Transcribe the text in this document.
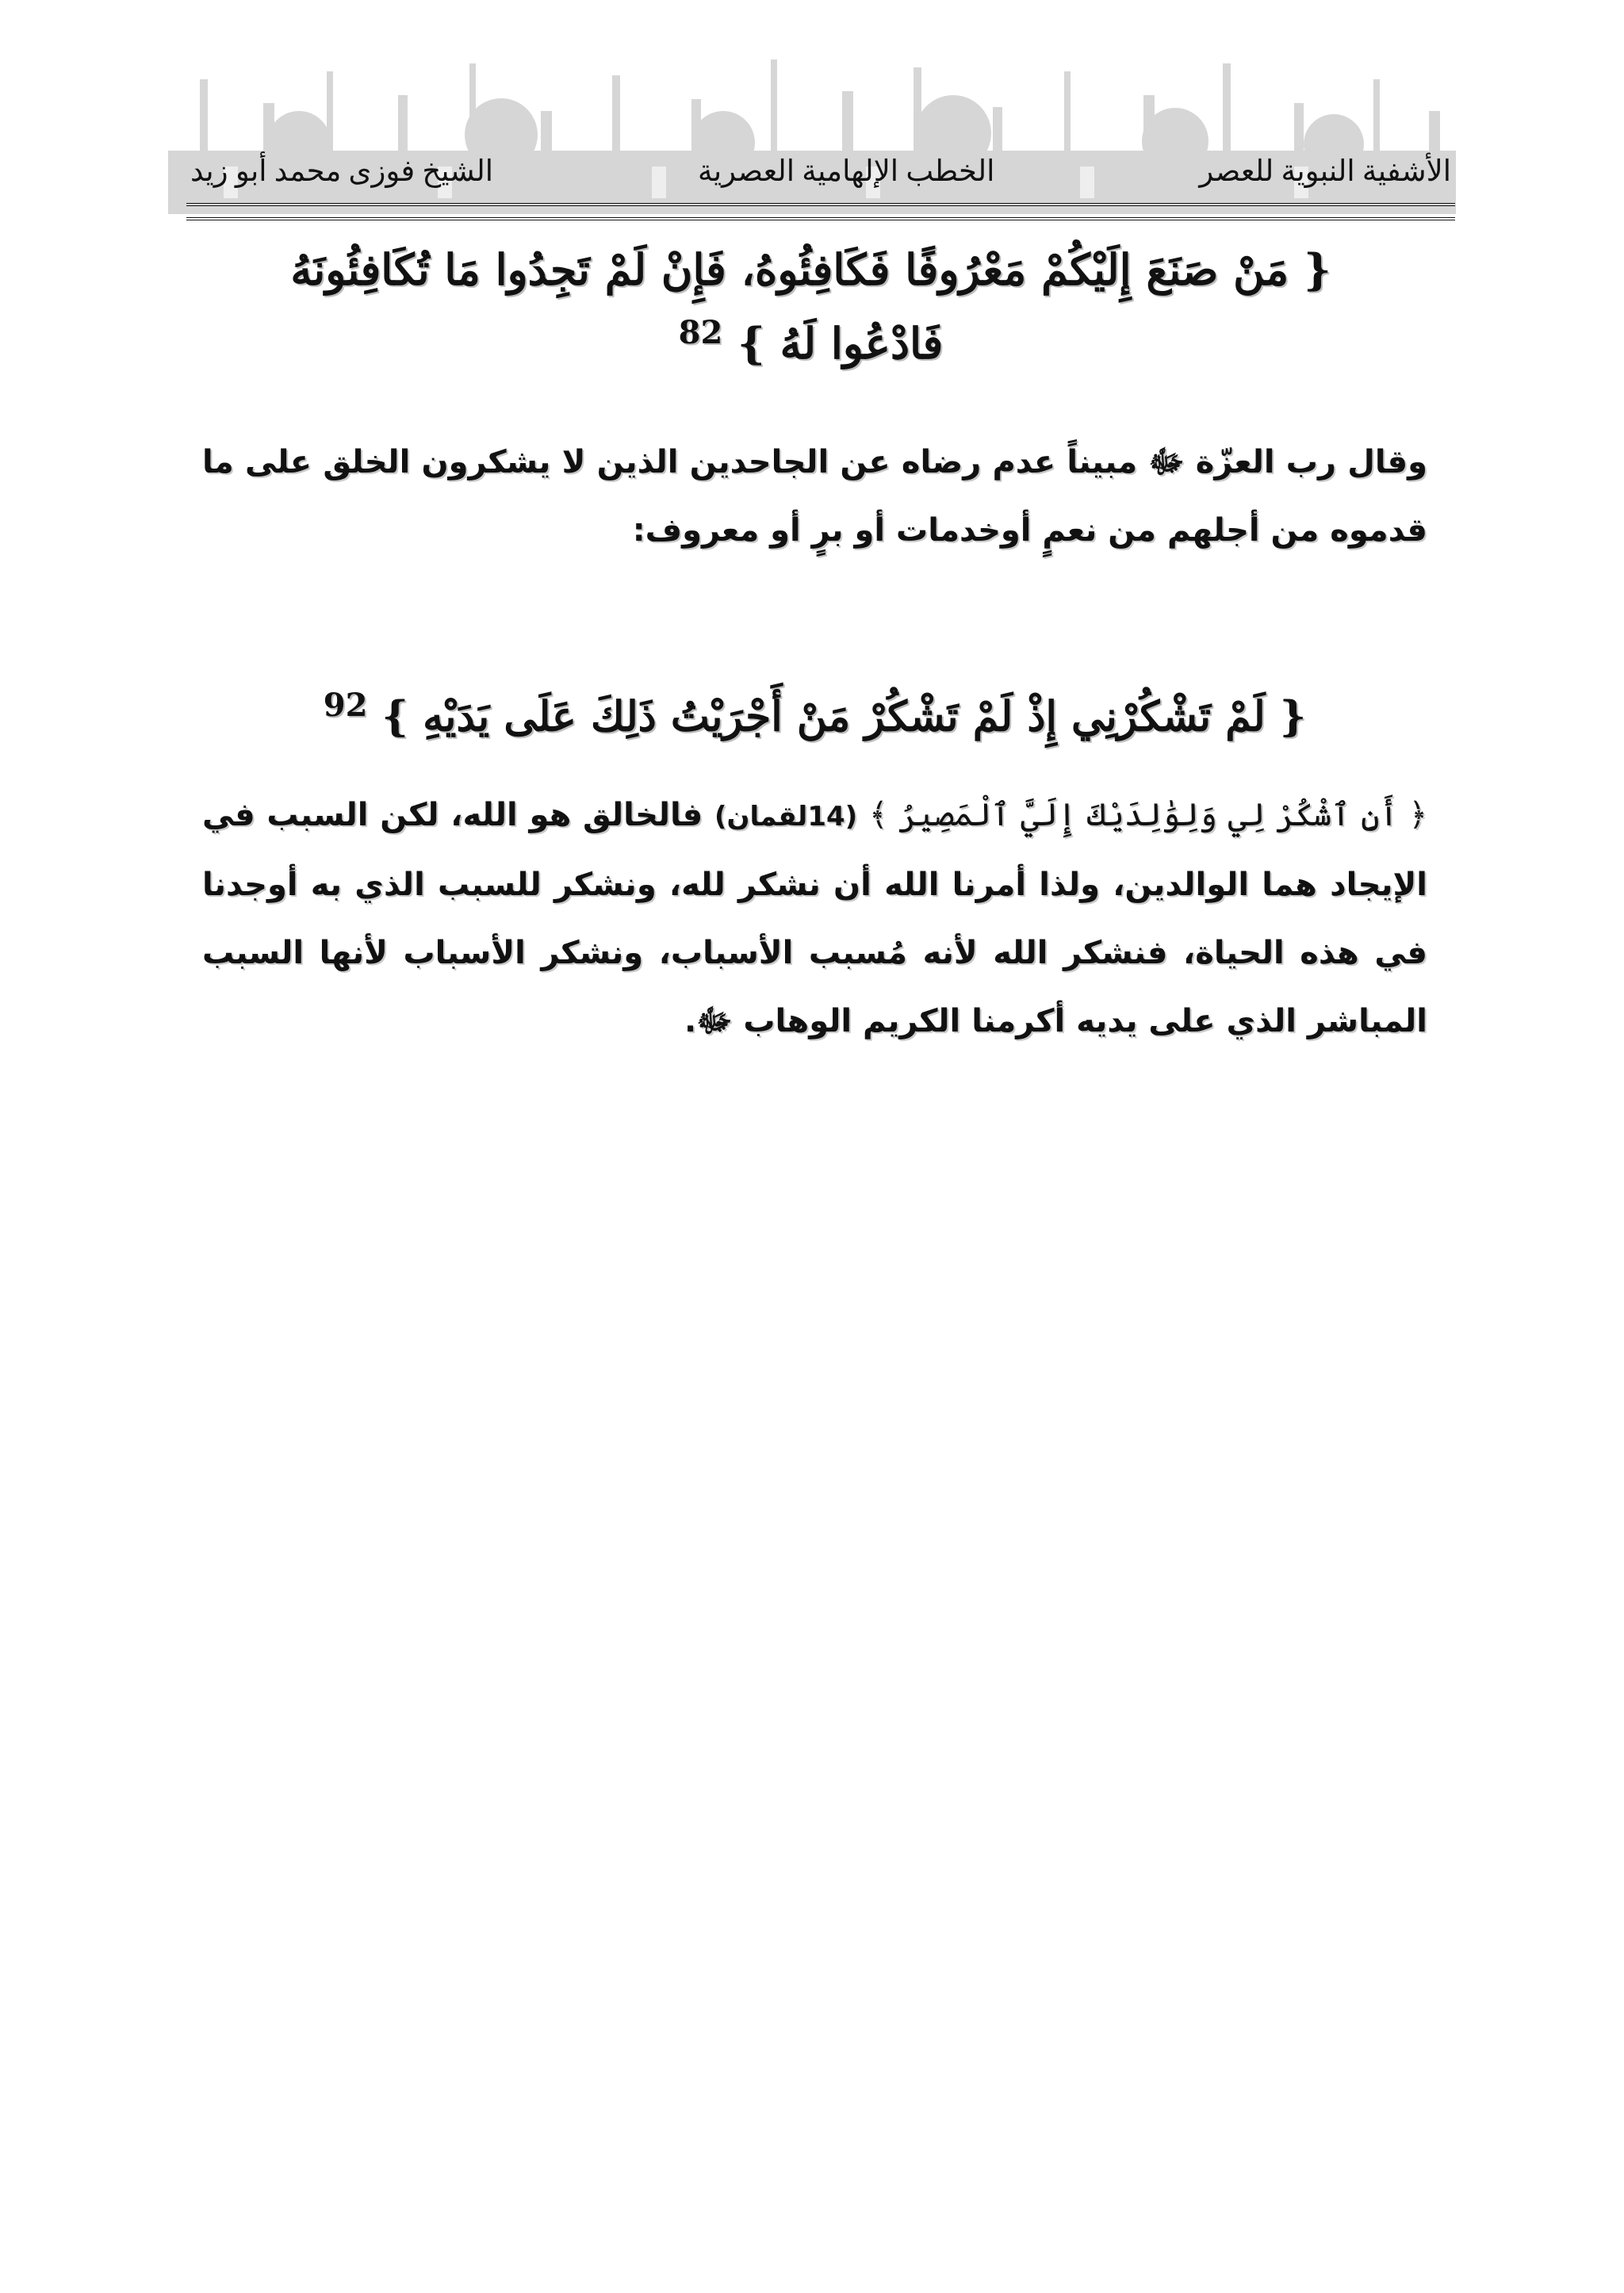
الأشفية النبوية للعصر
الخطب الإلهامية العصرية
الشيخ فوزى محمد أبو زيد
{ مَنْ صَنَعَ إِلَيْكُمْ مَعْرُوفًا فَكَافِئُوهُ، فَإِنْ لَمْ تَجِدُوا مَا تُكَافِئُونَهُ
فَادْعُوا لَهُ } $^{82}$
وقال رب العزّة ﷻ مبيناً عدم رضاه عن الجاحدين الذين لا يشكرون الخلق على ما قدموه من أجلهم من نعمٍ أوخدمات أو برٍ أو معروف:
{ لَمْ تَشْكُرْنِي إِذْ لَمْ تَشْكُرْ مَنْ أَجْرَيْتُ ذَلِكَ عَلَى يَدَيْهِ } $^{92}$
﴿ أَنِ ٱشْكُرْ لِي وَلِوَٰلِدَيْكَ إِلَيَّ ٱلْمَصِيرُ ﴾ (14لقمان) فالخالق هو الله، لكن السبب في الإيجاد هما الوالدين، ولذا أمرنا الله أن نشكر لله، ونشكر للسبب الذي به أوجدنا في هذه الحياة، فنشكر الله لأنه مُسبب الأسباب، ونشكر الأسباب لأنها السبب المباشر الذي على يديه أكرمنا الكريم الوهاب ﷻ.
